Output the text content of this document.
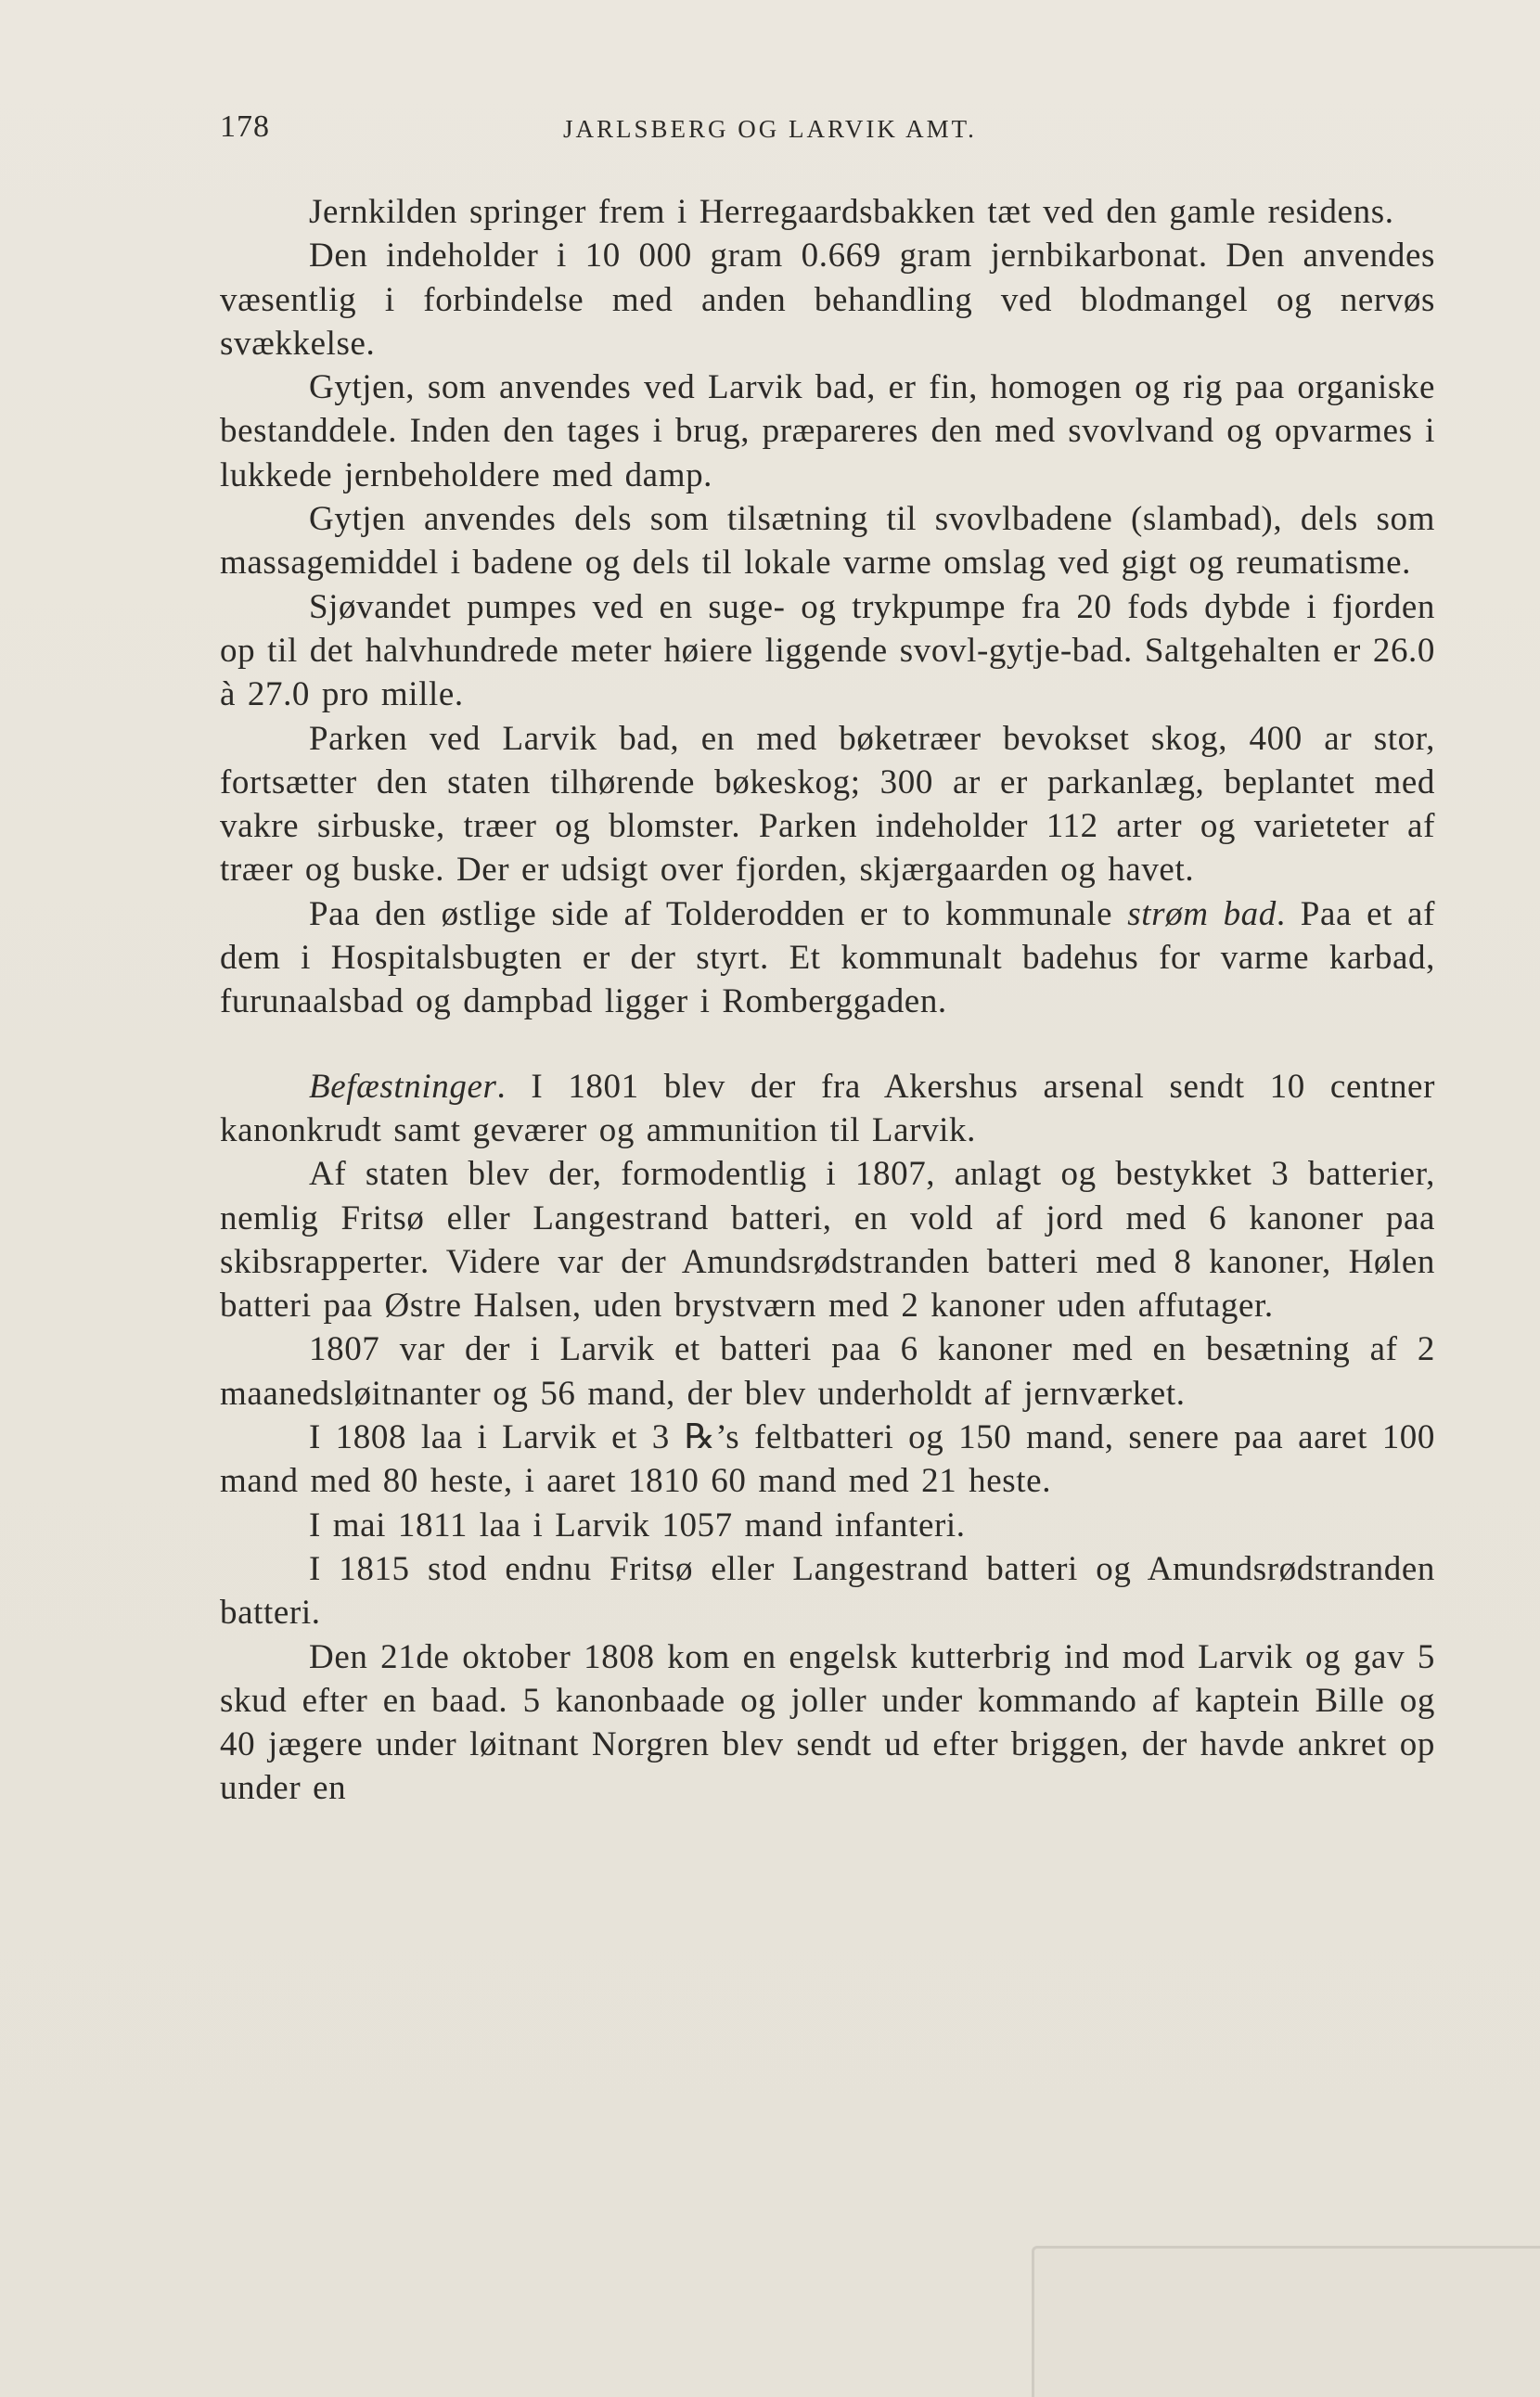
178	JARLSBERG OG LARVIK AMT.

Jernkilden springer frem i Herregaardsbakken tæt ved den gamle residens.

Den indeholder i 10 000 gram 0.669 gram jernbikarbonat. Den anvendes væsentlig i forbindelse med anden behandling ved blodmangel og nervøs svækkelse.

Gytjen, som anvendes ved Larvik bad, er fin, homogen og rig paa organiske bestanddele. Inden den tages i brug, præpareres den med svovlvand og opvarmes i lukkede jernbeholdere med damp.

Gytjen anvendes dels som tilsætning til svovlbadene (slambad), dels som massagemiddel i badene og dels til lokale varme omslag ved gigt og reumatisme.

Sjøvandet pumpes ved en suge- og trykpumpe fra 20 fods dybde i fjorden op til det halvhundrede meter høiere liggende svovl-gytje-bad. Saltgehalten er 26.0 à 27.0 pro mille.

Parken ved Larvik bad, en med bøketræer bevokset skog, 400 ar stor, fortsætter den staten tilhørende bøkeskog; 300 ar er parkanlæg, beplantet med vakre sirbuske, træer og blomster. Parken indeholder 112 arter og varieteter af træer og buske. Der er udsigt over fjorden, skjærgaarden og havet.

Paa den østlige side af Tolderodden er to kommunale strøm bad. Paa et af dem i Hospitalsbugten er der styrt. Et kommunalt badehus for varme karbad, furunaalsbad og dampbad ligger i Romberggaden.

Befæstninger. I 1801 blev der fra Akershus arsenal sendt 10 centner kanonkrudt samt geværer og ammunition til Larvik.

Af staten blev der, formodentlig i 1807, anlagt og bestykket 3 batterier, nemlig Fritsø eller Langestrand batteri, en vold af jord med 6 kanoner paa skibsrapperter. Videre var der Amundsrødstranden batteri med 8 kanoner, Hølen batteri paa Østre Halsen, uden brystværn med 2 kanoner uden affutager.

1807 var der i Larvik et batteri paa 6 kanoner med en besætning af 2 maanedsløitnanter og 56 mand, der blev underholdt af jernværket.

I 1808 laa i Larvik et 3 ℞’s feltbatteri og 150 mand, senere paa aaret 100 mand med 80 heste, i aaret 1810 60 mand med 21 heste.

I mai 1811 laa i Larvik 1057 mand infanteri.

I 1815 stod endnu Fritsø eller Langestrand batteri og Amundsrødstranden batteri.

Den 21de oktober 1808 kom en engelsk kutterbrig ind mod Larvik og gav 5 skud efter en baad. 5 kanonbaade og joller under kommando af kaptein Bille og 40 jægere under løitnant Norgren blev sendt ud efter briggen, der havde ankret op under en
